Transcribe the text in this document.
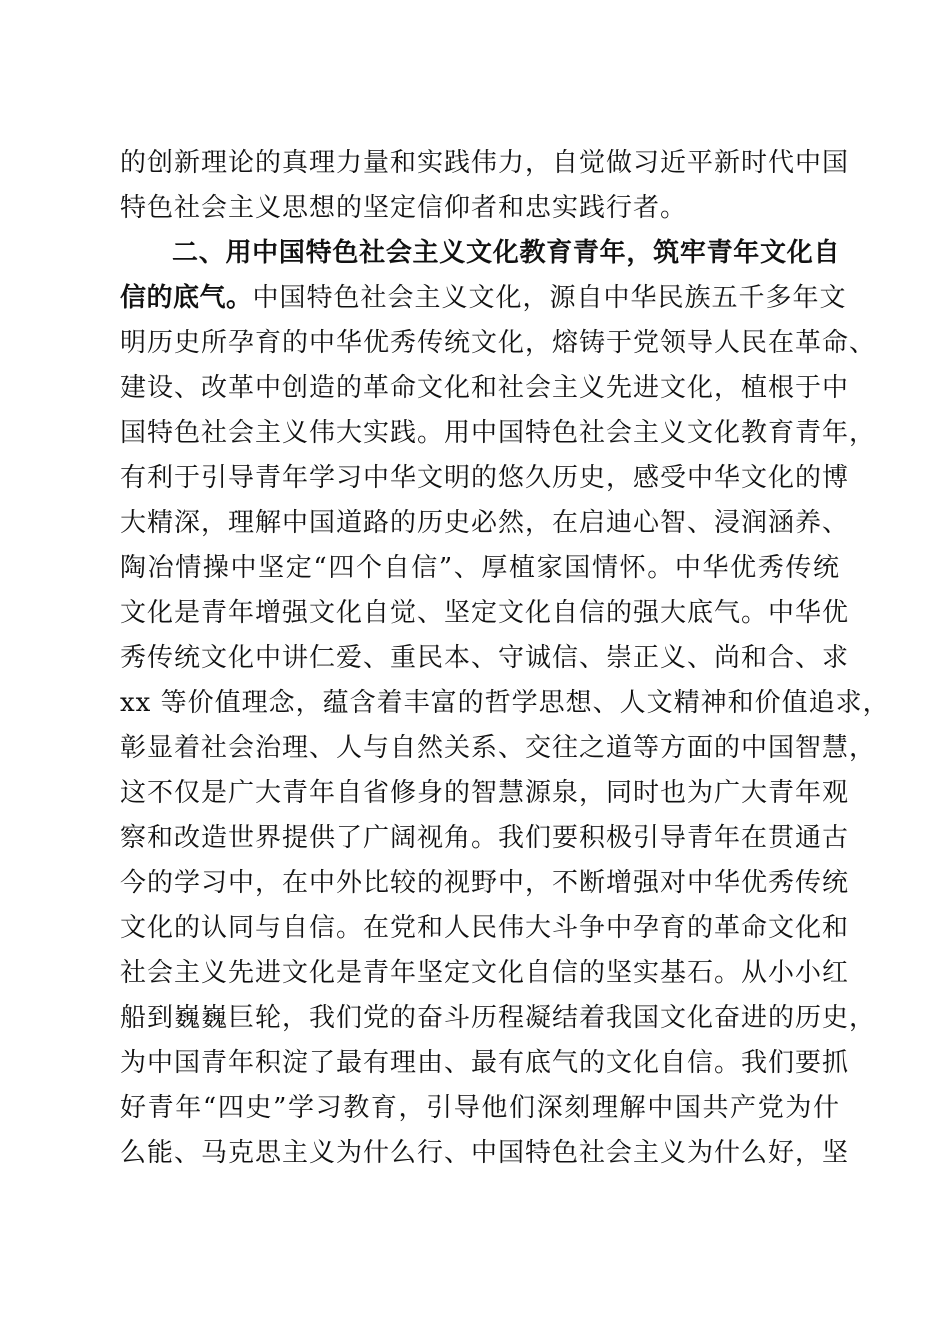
的创新理论的真理力量和实践伟力，自觉做习近平新时代中国
特色社会主义思想的坚定信仰者和忠实践行者。
二、用中国特色社会主义文化教育青年，筑牢青年文化自
信的底气。中国特色社会主义文化，源自中华民族五千多年文
明历史所孕育的中华优秀传统文化，熔铸于党领导人民在革命、
建设、改革中创造的革命文化和社会主义先进文化，植根于中
国特色社会主义伟大实践。用中国特色社会主义文化教育青年，
有利于引导青年学习中华文明的悠久历史，感受中华文化的博
大精深，理解中国道路的历史必然，在启迪心智、浸润涵养、
陶冶情操中坚定“四个自信”、厚植家国情怀。中华优秀传统
文化是青年增强文化自觉、坚定文化自信的强大底气。中华优
秀传统文化中讲仁爱、重民本、守诚信、崇正义、尚和合、求
xx 等价值理念，蕴含着丰富的哲学思想、人文精神和价值追求，
彰显着社会治理、人与自然关系、交往之道等方面的中国智慧，
这不仅是广大青年自省修身的智慧源泉，同时也为广大青年观
察和改造世界提供了广阔视角。我们要积极引导青年在贯通古
今的学习中，在中外比较的视野中，不断增强对中华优秀传统
文化的认同与自信。在党和人民伟大斗争中孕育的革命文化和
社会主义先进文化是青年坚定文化自信的坚实基石。从小小红
船到巍巍巨轮，我们党的奋斗历程凝结着我国文化奋进的历史，
为中国青年积淀了最有理由、最有底气的文化自信。我们要抓
好青年“四史”学习教育，引导他们深刻理解中国共产党为什
么能、马克思主义为什么行、中国特色社会主义为什么好，坚
